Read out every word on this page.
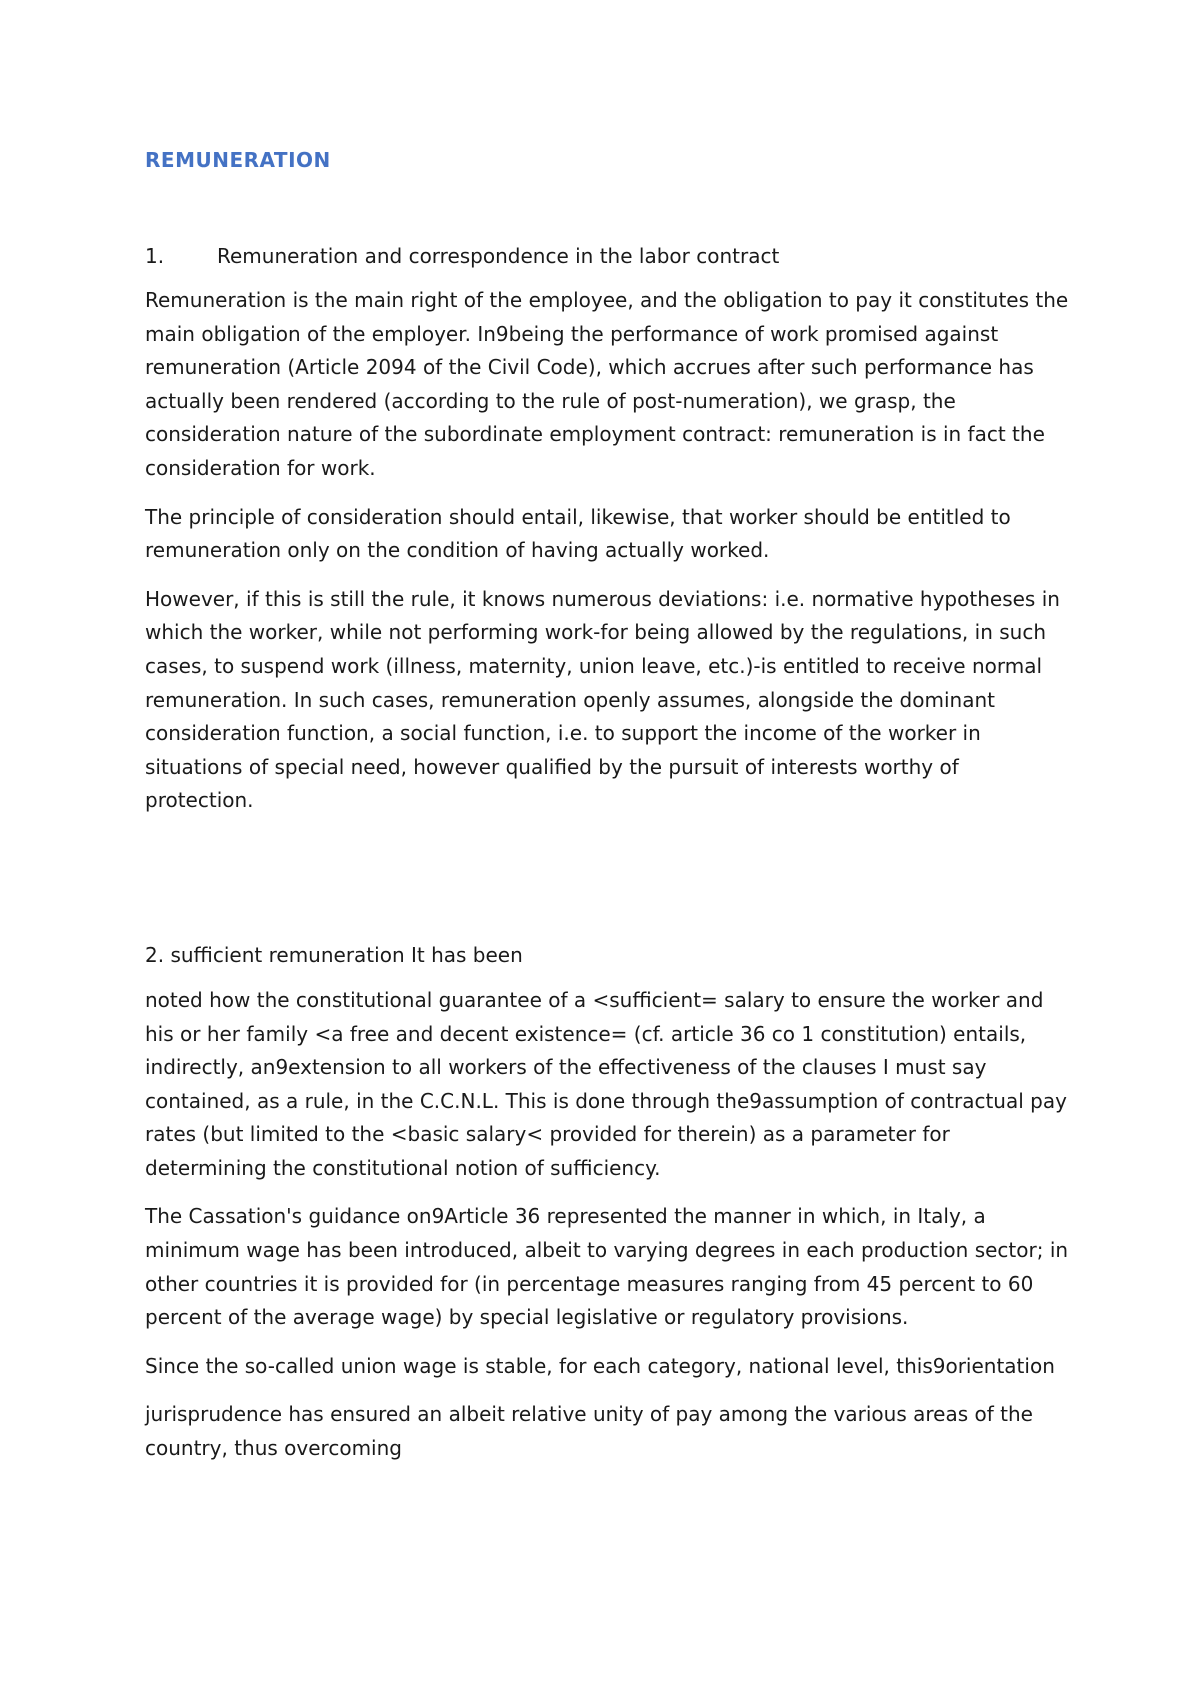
REMUNERATION
1.	Remuneration and correspondence in the labor contract

Remuneration is the main right of the employee, and the obligation to pay it constitutes the main obligation of the employer. In9being the performance of work promised against remuneration (Article 2094 of the Civil Code), which accrues after such performance has actually been rendered (according to the rule of post-numeration), we grasp, the consideration nature of the subordinate employment contract: remuneration is in fact the consideration for work.

The principle of consideration should entail, likewise, that worker should be entitled to remuneration only on the condition of having actually worked.

However, if this is still the rule, it knows numerous deviations: i.e. normative hypotheses in which the worker, while not performing work-for being allowed by the regulations, in such cases, to suspend work (illness, maternity, union leave, etc.)-is entitled to receive normal remuneration. In such cases, remuneration openly assumes, alongside the dominant consideration function, a social function, i.e. to support the income of the worker in situations of special need, however qualified by the pursuit of interests worthy of protection.

2. sufficient remuneration It has been

noted how the constitutional guarantee of a <sufficient= salary to ensure the worker and his or her family <a free and decent existence= (cf. article 36 co 1 constitution) entails, indirectly, an9extension to all workers of the effectiveness of the clauses I must say contained, as a rule, in the C.C.N.L. This is done through the9assumption of contractual pay rates (but limited to the <basic salary< provided for therein) as a parameter for determining the constitutional notion of sufficiency.

The Cassation's guidance on9Article 36 represented the manner in which, in Italy, a minimum wage has been introduced, albeit to varying degrees in each production sector; in other countries it is provided for (in percentage measures ranging from 45 percent to 60 percent of the average wage) by special legislative or regulatory provisions.

Since the so-called union wage is stable, for each category, national level, this9orientation

jurisprudence has ensured an albeit relative unity of pay among the various areas of the country, thus overcoming
